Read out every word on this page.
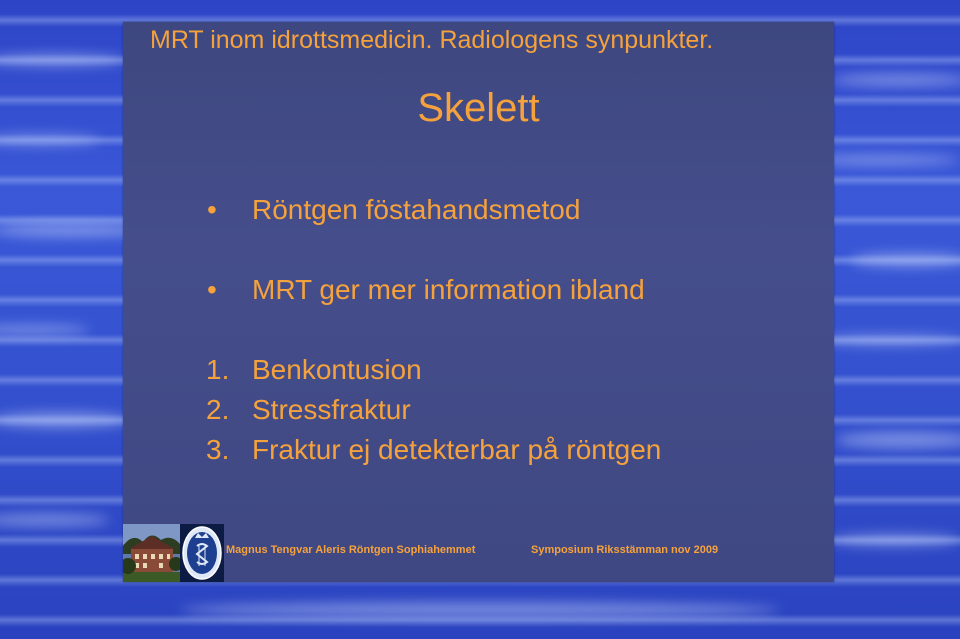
MRT inom idrottsmedicin. Radiologens synpunkter.
Skelett
• Röntgen föstahandsmetod
• MRT ger mer information ibland
1. Benkontusion
2. Stressfraktur
3. Fraktur ej detekterbar på röntgen
Magnus Tengvar Aleris Röntgen Sophiahemmet	Symposium Riksstämman nov 2009
